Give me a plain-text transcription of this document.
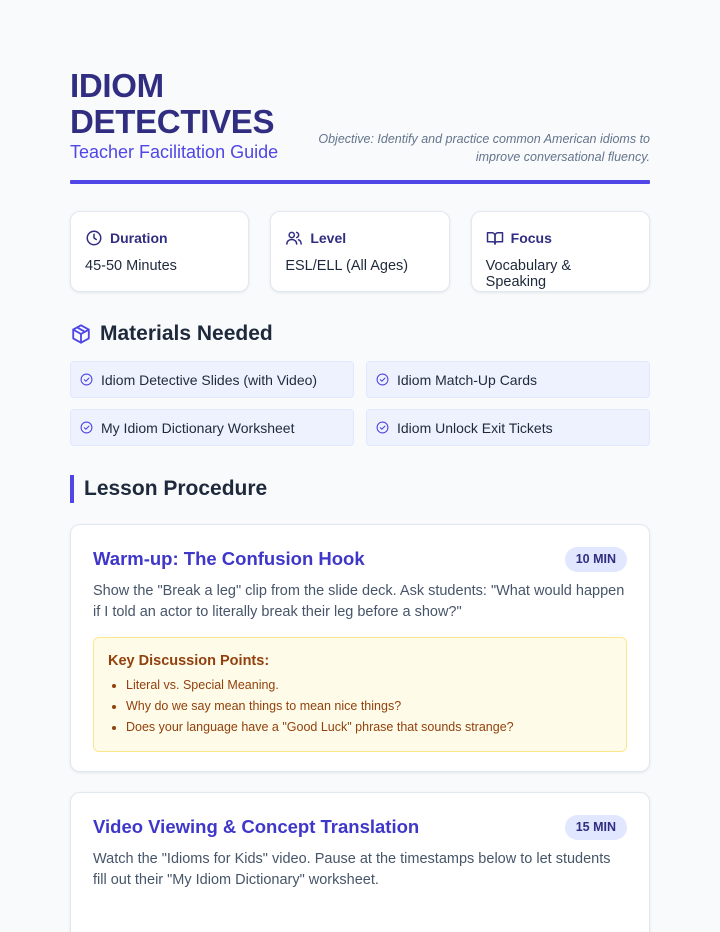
IDIOM DETECTIVES
Teacher Facilitation Guide
Objective: Identify and practice common American idioms to improve conversational fluency.
Duration
45-50 Minutes
Level
ESL/ELL (All Ages)
Focus
Vocabulary & Speaking
Materials Needed
Idiom Detective Slides (with Video)	Idiom Match-Up Cards
My Idiom Dictionary Worksheet	Idiom Unlock Exit Tickets
Lesson Procedure
Warm-up: The Confusion Hook	10 MIN

Show the "Break a leg" clip from the slide deck. Ask students: "What would happen if I told an actor to literally break their leg before a show?"

Key Discussion Points:
• Literal vs. Special Meaning.
• Why do we say mean things to mean nice things?
• Does your language have a "Good Luck" phrase that sounds strange?
Video Viewing & Concept Translation	15 MIN

Watch the "Idioms for Kids" video. Pause at the timestamps below to let students fill out their "My Idiom Dictionary" worksheet.
